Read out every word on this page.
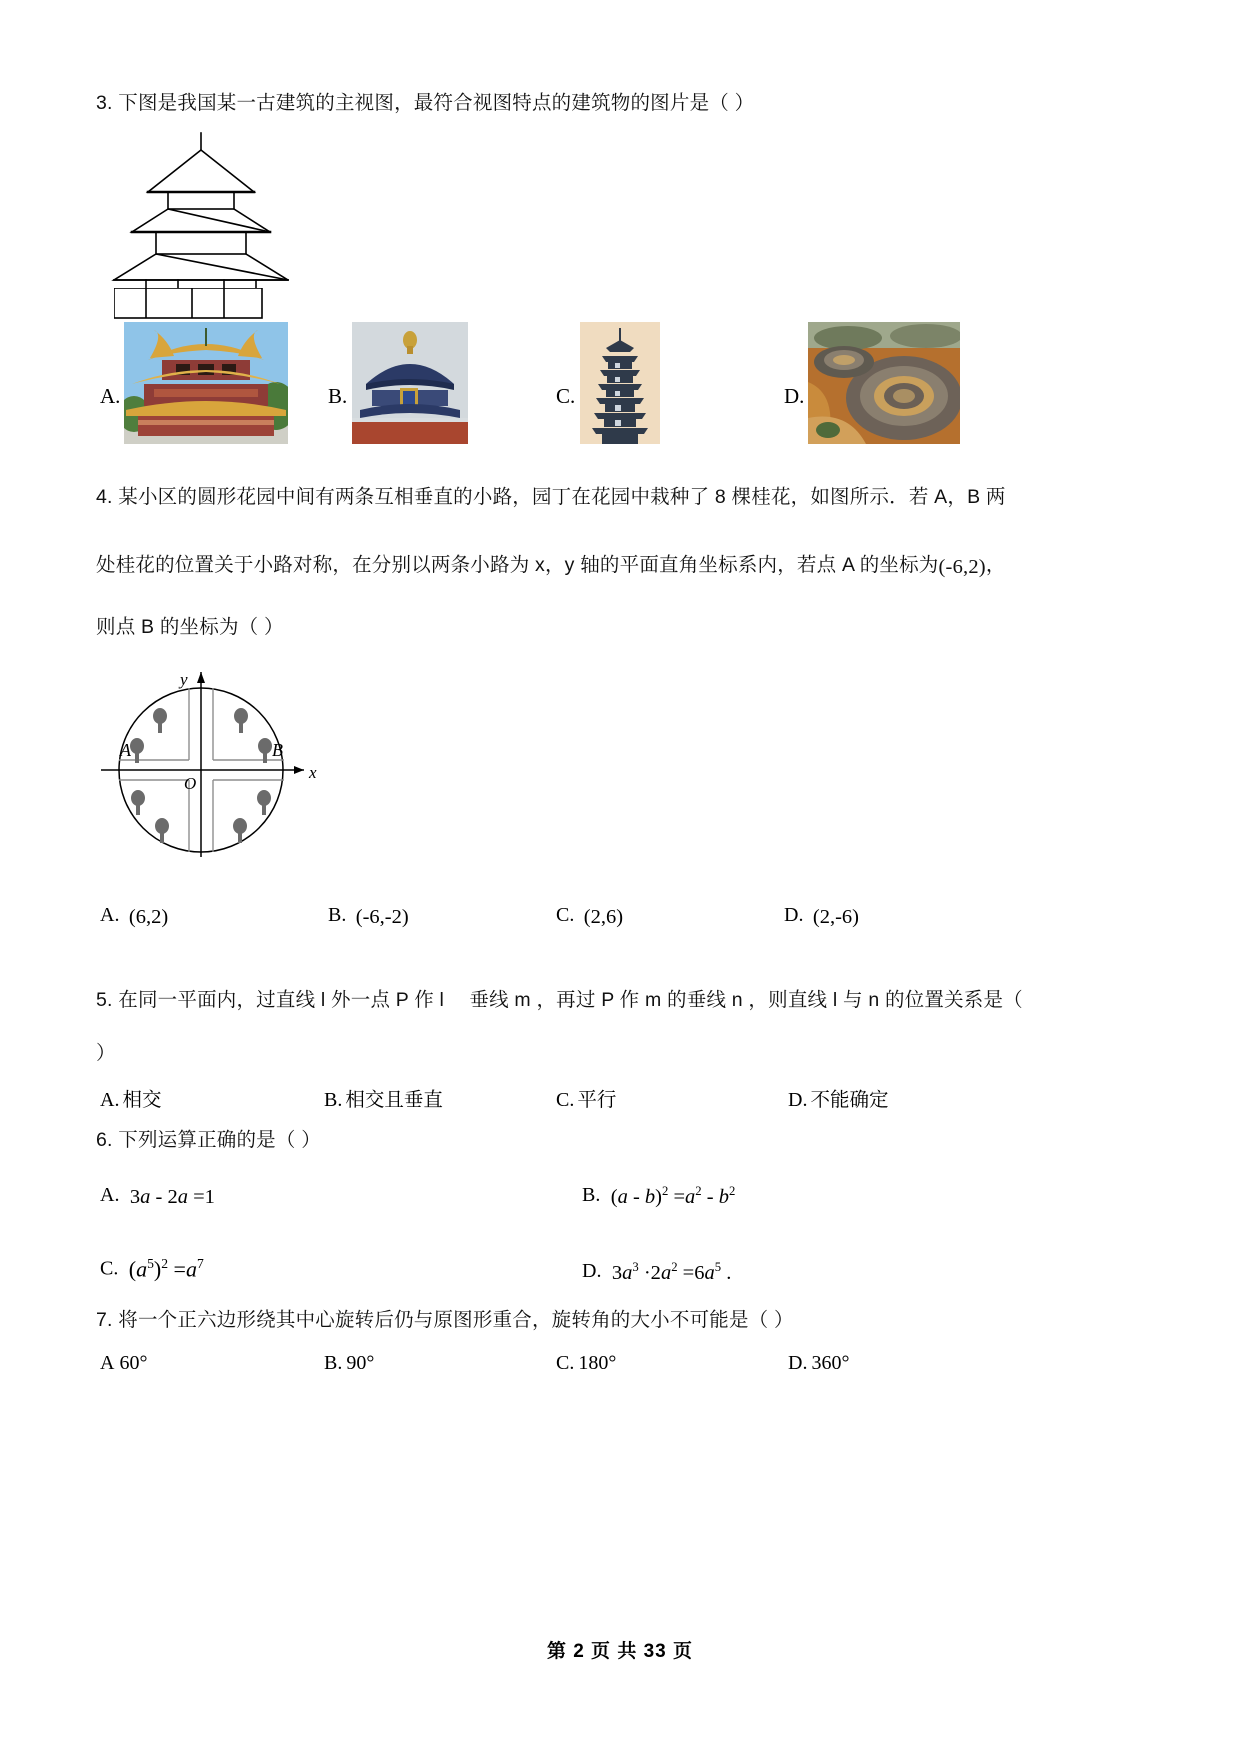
3. 下图是我国某一古建筑的主视图，最符合视图特点的建筑物的图片是（ ）
A.	B.	C.	D.
4. 某小区的圆形花园中间有两条互相垂直的小路，园丁在花园中栽种了 8 棵桂花，如图所示．若 A，B 两
处桂花的位置关于小路对称，在分别以两条小路为 x，y 轴的平面直角坐标系内，若点 A 的坐标为(-6,2)，
则点 B 的坐标为（ ）
y
x
O
A	B
A. (6,2)	B. (-6,-2)	C. (2,6)	D. (2,-6)
5. 在同一平面内，过直线 l 外一点 P 作 l 　垂线 m ，再过 P 作 m 的垂线 n ，则直线 l 与 n 的位置关系是（
）
A. 相交	B. 相交且垂直	C. 平行	D. 不能确定
6. 下列运算正确的是（ ）
A. 3a - 2a =1	B. $(a - b)^2 =a^2 - b^2$
C. $(a^5)^2 =a^7$	D. $3a^3 \cdot 2a^2 =6a^5$ .
7. 将一个正六边形绕其中心旋转后仍与原图形重合，旋转角的大小不可能是（ ）
A 60°	B. 90°	C. 180°	D. 360°
第 2 页 共 33 页
